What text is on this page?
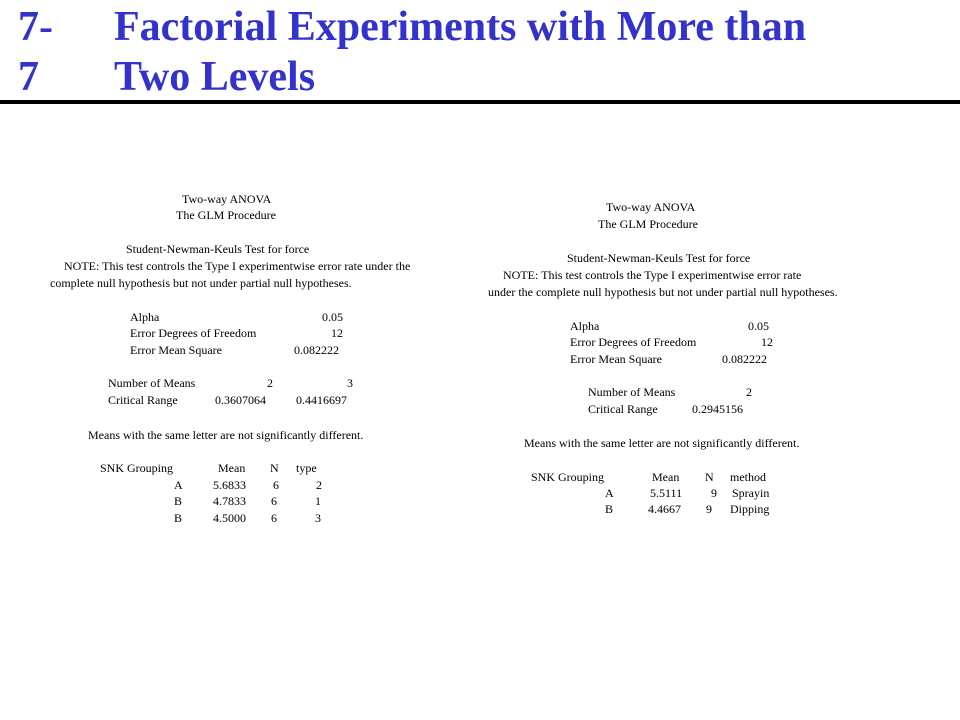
7-7
Factorial Experiments with More than
Two Levels
Two-way ANOVA
The GLM Procedure
Student-Newman-Keuls Test for force
NOTE: This test controls the Type I experimentwise error rate under the
complete null hypothesis but not under partial null hypotheses.
Alpha	0.05
Error Degrees of Freedom	12
Error Mean Square	0.082222
Number of Means	2	3
Critical Range	0.3607064	0.4416697
Means with the same letter are not significantly different.
SNK Grouping	Mean N type
A	5.6833 6	2
B	4.7833 6	1
B	4.5000 6	3
Two-way ANOVA
The GLM Procedure
Student-Newman-Keuls Test for force
NOTE: This test controls the Type I experimentwise error rate
under the complete null hypothesis but not under partial null hypotheses.
Alpha	0.05
Error Degrees of Freedom	12
Error Mean Square	0.082222
Number of Means	2
Critical Range	0.2945156
Means with the same letter are not significantly different.
SNK Grouping	Mean N method
A	5.5111 9 Sprayin
B	4.4667 9 Dipping
